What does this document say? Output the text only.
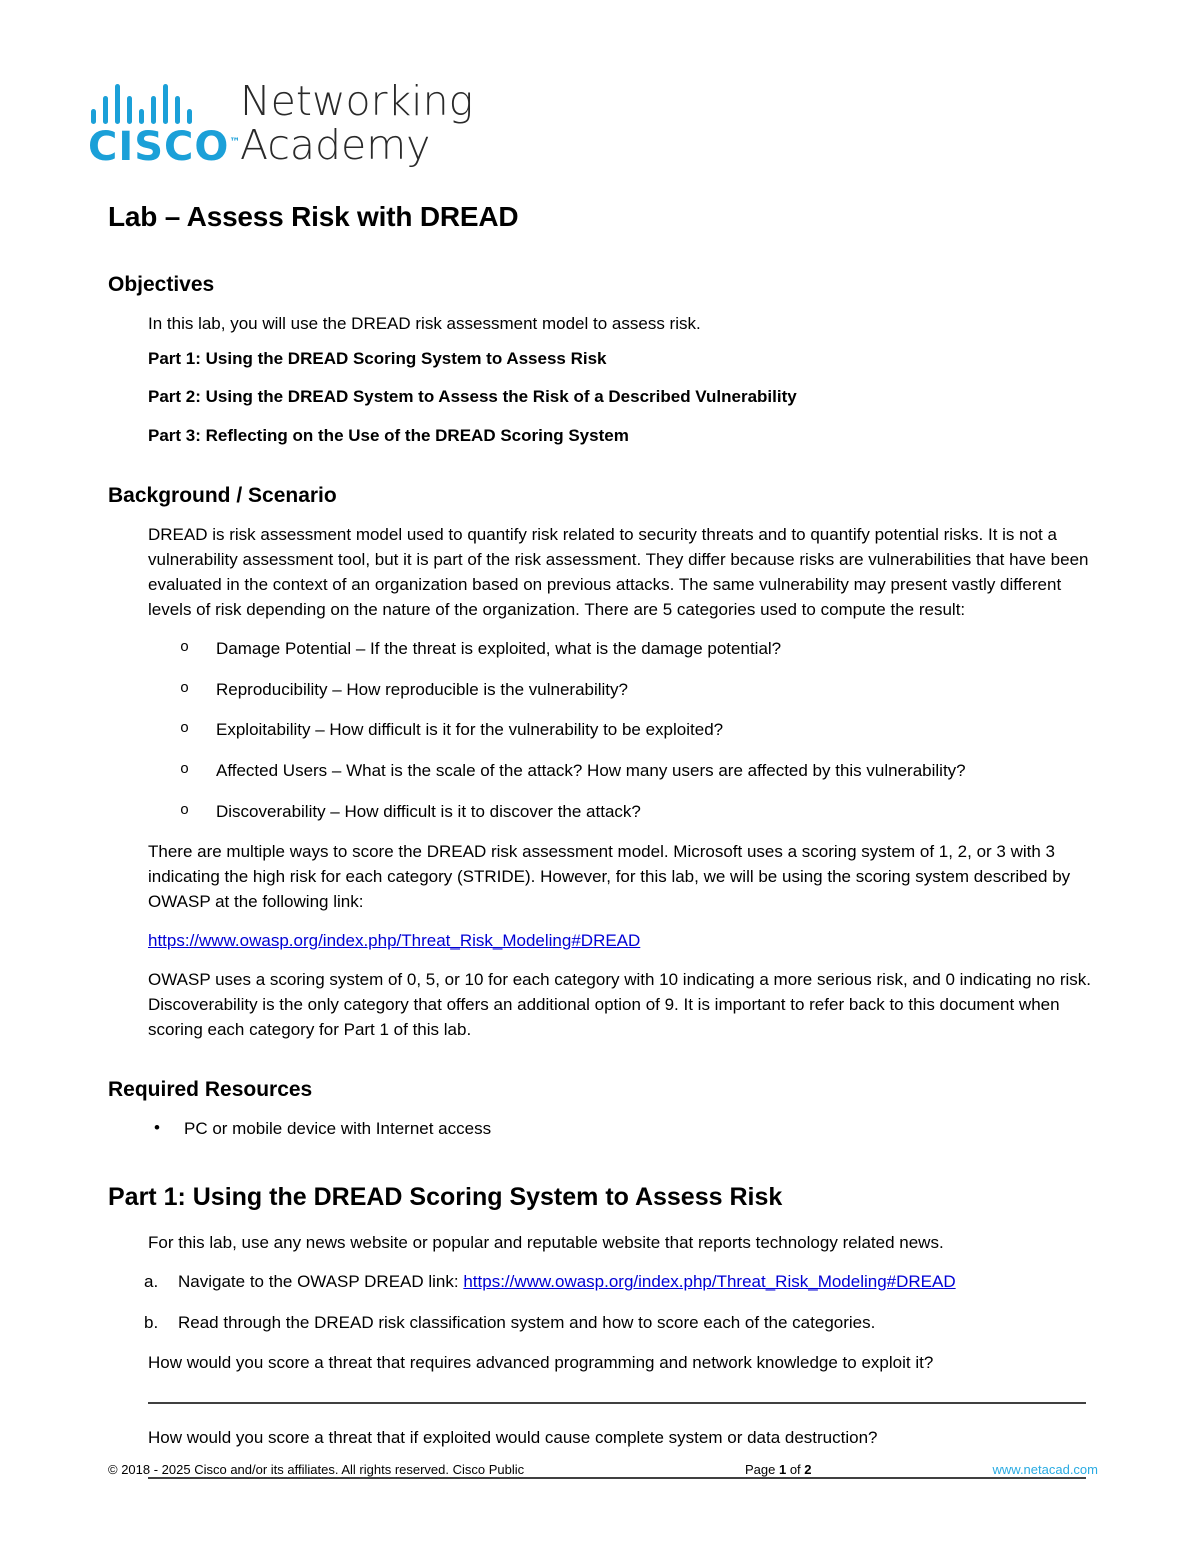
CISCO™
Networking
Academy
Lab – Assess Risk with DREAD
Objectives

In this lab, you will use the DREAD risk assessment model to assess risk.

Part 1: Using the DREAD Scoring System to Assess Risk

Part 2: Using the DREAD System to Assess the Risk of a Described Vulnerability

Part 3: Reflecting on the Use of the DREAD Scoring System

Background / Scenario

DREAD is risk assessment model used to quantify risk related to security threats and to quantify potential risks. It is not a vulnerability assessment tool, but it is part of the risk assessment. They differ because risks are vulnerabilities that have been evaluated in the context of an organization based on previous attacks. The same vulnerability may present vastly different levels of risk depending on the nature of the organization. There are 5 categories used to compute the result:

o Damage Potential – If the threat is exploited, what is the damage potential?
o Reproducibility – How reproducible is the vulnerability?
o Exploitability – How difficult is it for the vulnerability to be exploited?
o Affected Users – What is the scale of the attack? How many users are affected by this vulnerability?
o Discoverability – How difficult is it to discover the attack?

There are multiple ways to score the DREAD risk assessment model. Microsoft uses a scoring system of 1, 2, or 3 with 3 indicating the high risk for each category (STRIDE). However, for this lab, we will be using the scoring system described by OWASP at the following link:

https://www.owasp.org/index.php/Threat_Risk_Modeling#DREAD

OWASP uses a scoring system of 0, 5, or 10 for each category with 10 indicating a more serious risk, and 0 indicating no risk. Discoverability is the only category that offers an additional option of 9. It is important to refer back to this document when scoring each category for Part 1 of this lab.

Required Resources
• PC or mobile device with Internet access
Part 1: Using the DREAD Scoring System to Assess Risk

For this lab, use any news website or popular and reputable website that reports technology related news.

a. Navigate to the OWASP DREAD link: https://www.owasp.org/index.php/Threat_Risk_Modeling#DREAD
b. Read through the DREAD risk classification system and how to score each of the categories.

How would you score a threat that requires advanced programming and network knowledge to exploit it?

How would you score a threat that if exploited would cause complete system or data destruction?

© 2018 - 2025 Cisco and/or its affiliates. All rights reserved. Cisco Public	Page 1 of 2	www.netacad.com
